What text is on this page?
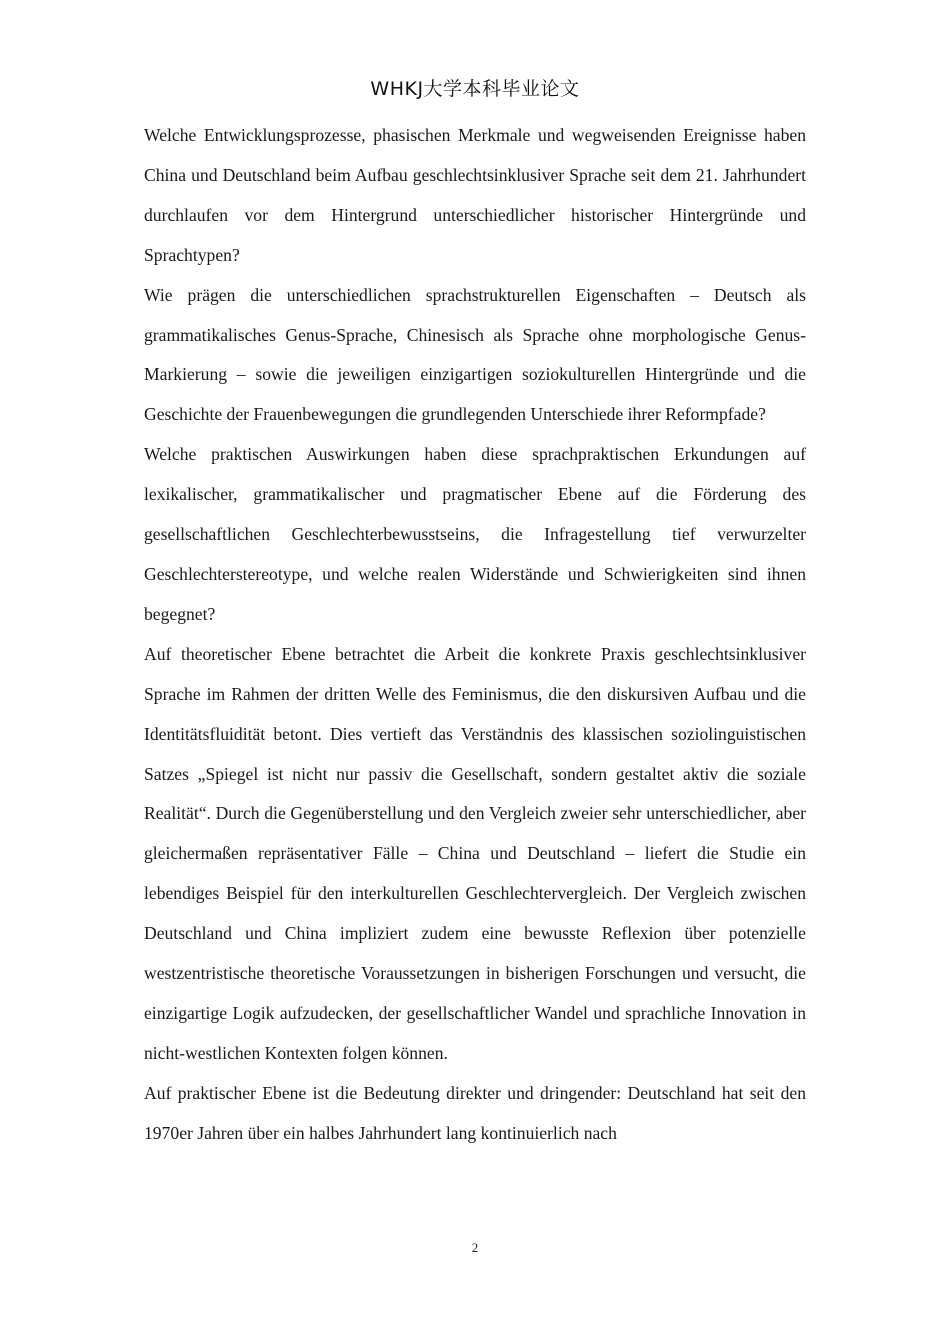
WHKJ大学本科毕业论文

Welche Entwicklungsprozesse, phasischen Merkmale und wegweisenden Ereignisse haben China und Deutschland beim Aufbau geschlechtsinklusiver Sprache seit dem 21. Jahrhundert durchlaufen vor dem Hintergrund unterschiedlicher historischer Hintergründe und Sprachtypen?

Wie prägen die unterschiedlichen sprachstrukturellen Eigenschaften – Deutsch als grammatikalisches Genus-Sprache, Chinesisch als Sprache ohne morphologische Genus-Markierung – sowie die jeweiligen einzigartigen soziokulturellen Hintergründe und die Geschichte der Frauenbewegungen die grundlegenden Unterschiede ihrer Reformpfade?

Welche praktischen Auswirkungen haben diese sprachpraktischen Erkundungen auf lexikalischer, grammatikalischer und pragmatischer Ebene auf die Förderung des gesellschaftlichen Geschlechterbewusstseins, die Infragestellung tief verwurzelter Geschlechterstereotype, und welche realen Widerstände und Schwierigkeiten sind ihnen begegnet?

Auf theoretischer Ebene betrachtet die Arbeit die konkrete Praxis geschlechtsinklusiver Sprache im Rahmen der dritten Welle des Feminismus, die den diskursiven Aufbau und die Identitätsfluidität betont. Dies vertieft das Verständnis des klassischen soziolinguistischen Satzes „Spiegel ist nicht nur passiv die Gesellschaft, sondern gestaltet aktiv die soziale Realität“. Durch die Gegenüberstellung und den Vergleich zweier sehr unterschiedlicher, aber gleichermaßen repräsentativer Fälle – China und Deutschland – liefert die Studie ein lebendiges Beispiel für den interkulturellen Geschlechtervergleich. Der Vergleich zwischen Deutschland und China impliziert zudem eine bewusste Reflexion über potenzielle westzentristische theoretische Voraussetzungen in bisherigen Forschungen und versucht, die einzigartige Logik aufzudecken, der gesellschaftlicher Wandel und sprachliche Innovation in nicht-westlichen Kontexten folgen können.

Auf praktischer Ebene ist die Bedeutung direkter und dringender: Deutschland hat seit den 1970er Jahren über ein halbes Jahrhundert lang kontinuierlich nach

2
